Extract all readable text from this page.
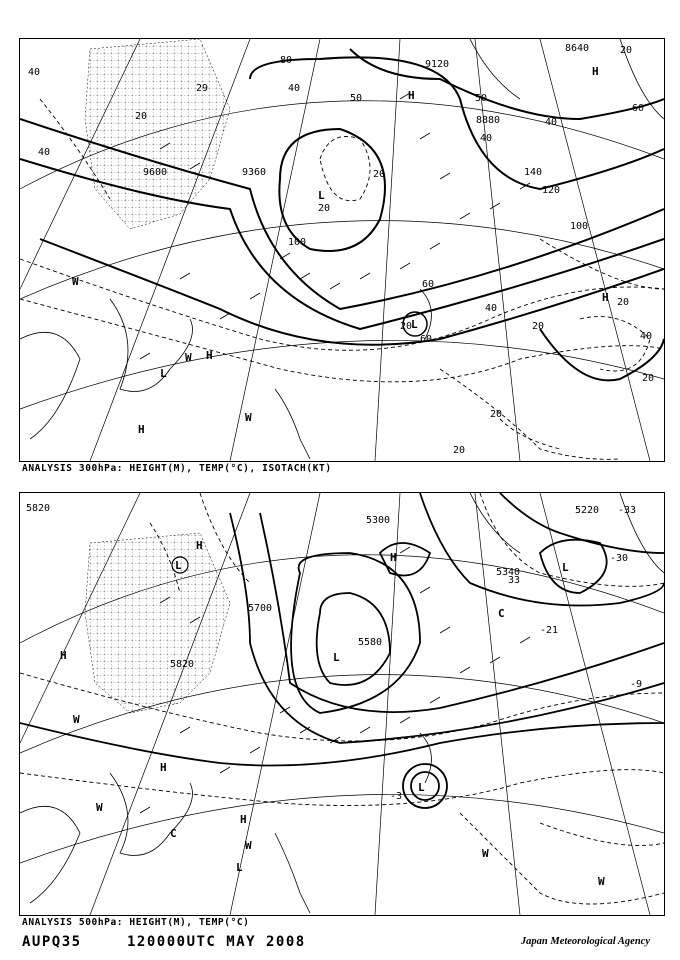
40
40
20
29
9600	9360
80
40
50	H
9120
20
20
L
100
8880
50
40
40
8640	20
60
H
140
120
100
H 20
40
20
20
40
60
60
20
20
20
W
W H
L
H
W
L
ANALYSIS 300hPa: HEIGHT(M), TEMP(°C), ISOTACH(KT)
5820
L
H
5820
5700
5580
L
5300
H
5340
33
5220 -33
-30
L
C
L
-3
H
W
H
W
C
H
W
L
W
W
-9
-21
ANALYSIS 500hPa: HEIGHT(M), TEMP(°C)
AUPQ35	120000UTC MAY 2008	Japan Meteorological Agency
